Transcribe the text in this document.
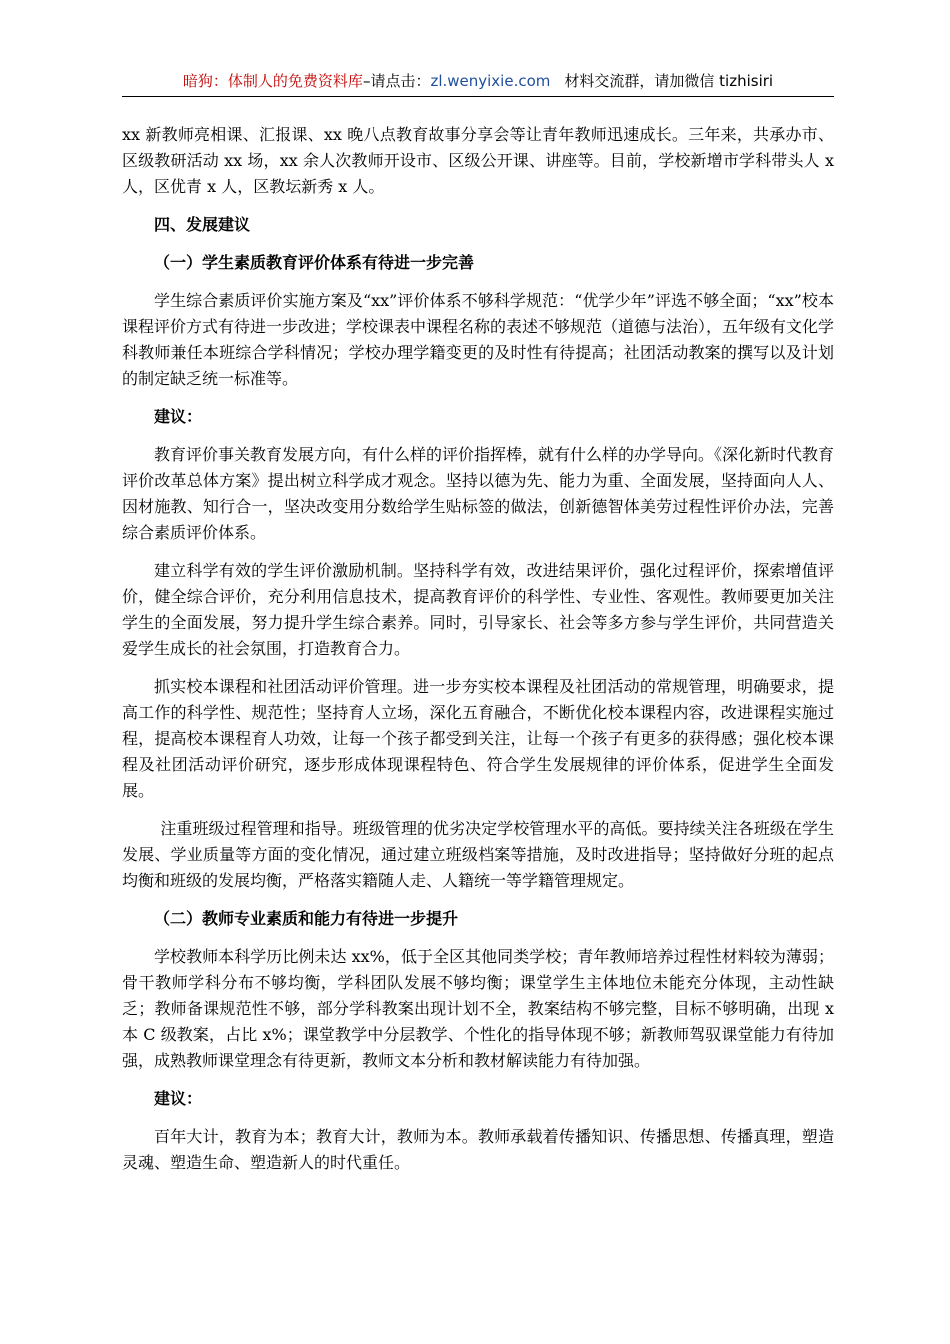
暗狗：体制人的免费资料库–请点击：zl.wenyixie.com 材料交流群，请加微信 tizhisiri

xx 新教师亮相课、汇报课、xx 晚八点教育故事分享会等让青年教师迅速成长。三年来，共承办市、区级教研活动 xx 场，xx 余人次教师开设市、区级公开课、讲座等。目前，学校新增市学科带头人 x 人，区优青 x 人，区教坛新秀 x 人。

四、发展建议
（一）学生素质教育评价体系有待进一步完善

学生综合素质评价实施方案及“xx”评价体系不够科学规范：“优学少年”评选不够全面；“xx”校本课程评价方式有待进一步改进；学校课表中课程名称的表述不够规范（道德与法治），五年级有文化学科教师兼任本班综合学科情况；学校办理学籍变更的及时性有待提高；社团活动教案的撰写以及计划的制定缺乏统一标准等。

建议：

教育评价事关教育发展方向，有什么样的评价指挥棒，就有什么样的办学导向。《深化新时代教育评价改革总体方案》提出树立科学成才观念。坚持以德为先、能力为重、全面发展，坚持面向人人、因材施教、知行合一，坚决改变用分数给学生贴标签的做法，创新德智体美劳过程性评价办法，完善综合素质评价体系。

建立科学有效的学生评价激励机制。坚持科学有效，改进结果评价，强化过程评价，探索增值评价，健全综合评价，充分利用信息技术，提高教育评价的科学性、专业性、客观性。教师要更加关注学生的全面发展，努力提升学生综合素养。同时，引导家长、社会等多方参与学生评价，共同营造关爱学生成长的社会氛围，打造教育合力。

抓实校本课程和社团活动评价管理。进一步夯实校本课程及社团活动的常规管理，明确要求，提高工作的科学性、规范性；坚持育人立场，深化五育融合，不断优化校本课程内容，改进课程实施过程，提高校本课程育人功效，让每一个孩子都受到关注，让每一个孩子有更多的获得感；强化校本课程及社团活动评价研究，逐步形成体现课程特色、符合学生发展规律的评价体系，促进学生全面发展。

注重班级过程管理和指导。班级管理的优劣决定学校管理水平的高低。要持续关注各班级在学生发展、学业质量等方面的变化情况，通过建立班级档案等措施，及时改进指导；坚持做好分班的起点均衡和班级的发展均衡，严格落实籍随人走、人籍统一等学籍管理规定。

（二）教师专业素质和能力有待进一步提升

学校教师本科学历比例未达 xx%，低于全区其他同类学校；青年教师培养过程性材料较为薄弱；骨干教师学科分布不够均衡，学科团队发展不够均衡；课堂学生主体地位未能充分体现，主动性缺乏；教师备课规范性不够，部分学科教案出现计划不全，教案结构不够完整，目标不够明确，出现 x 本 C 级教案，占比 x%；课堂教学中分层教学、个性化的指导体现不够；新教师驾驭课堂能力有待加强，成熟教师课堂理念有待更新，教师文本分析和教材解读能力有待加强。

建议：

百年大计，教育为本；教育大计，教师为本。教师承载着传播知识、传播思想、传播真理，塑造灵魂、塑造生命、塑造新人的时代重任。
